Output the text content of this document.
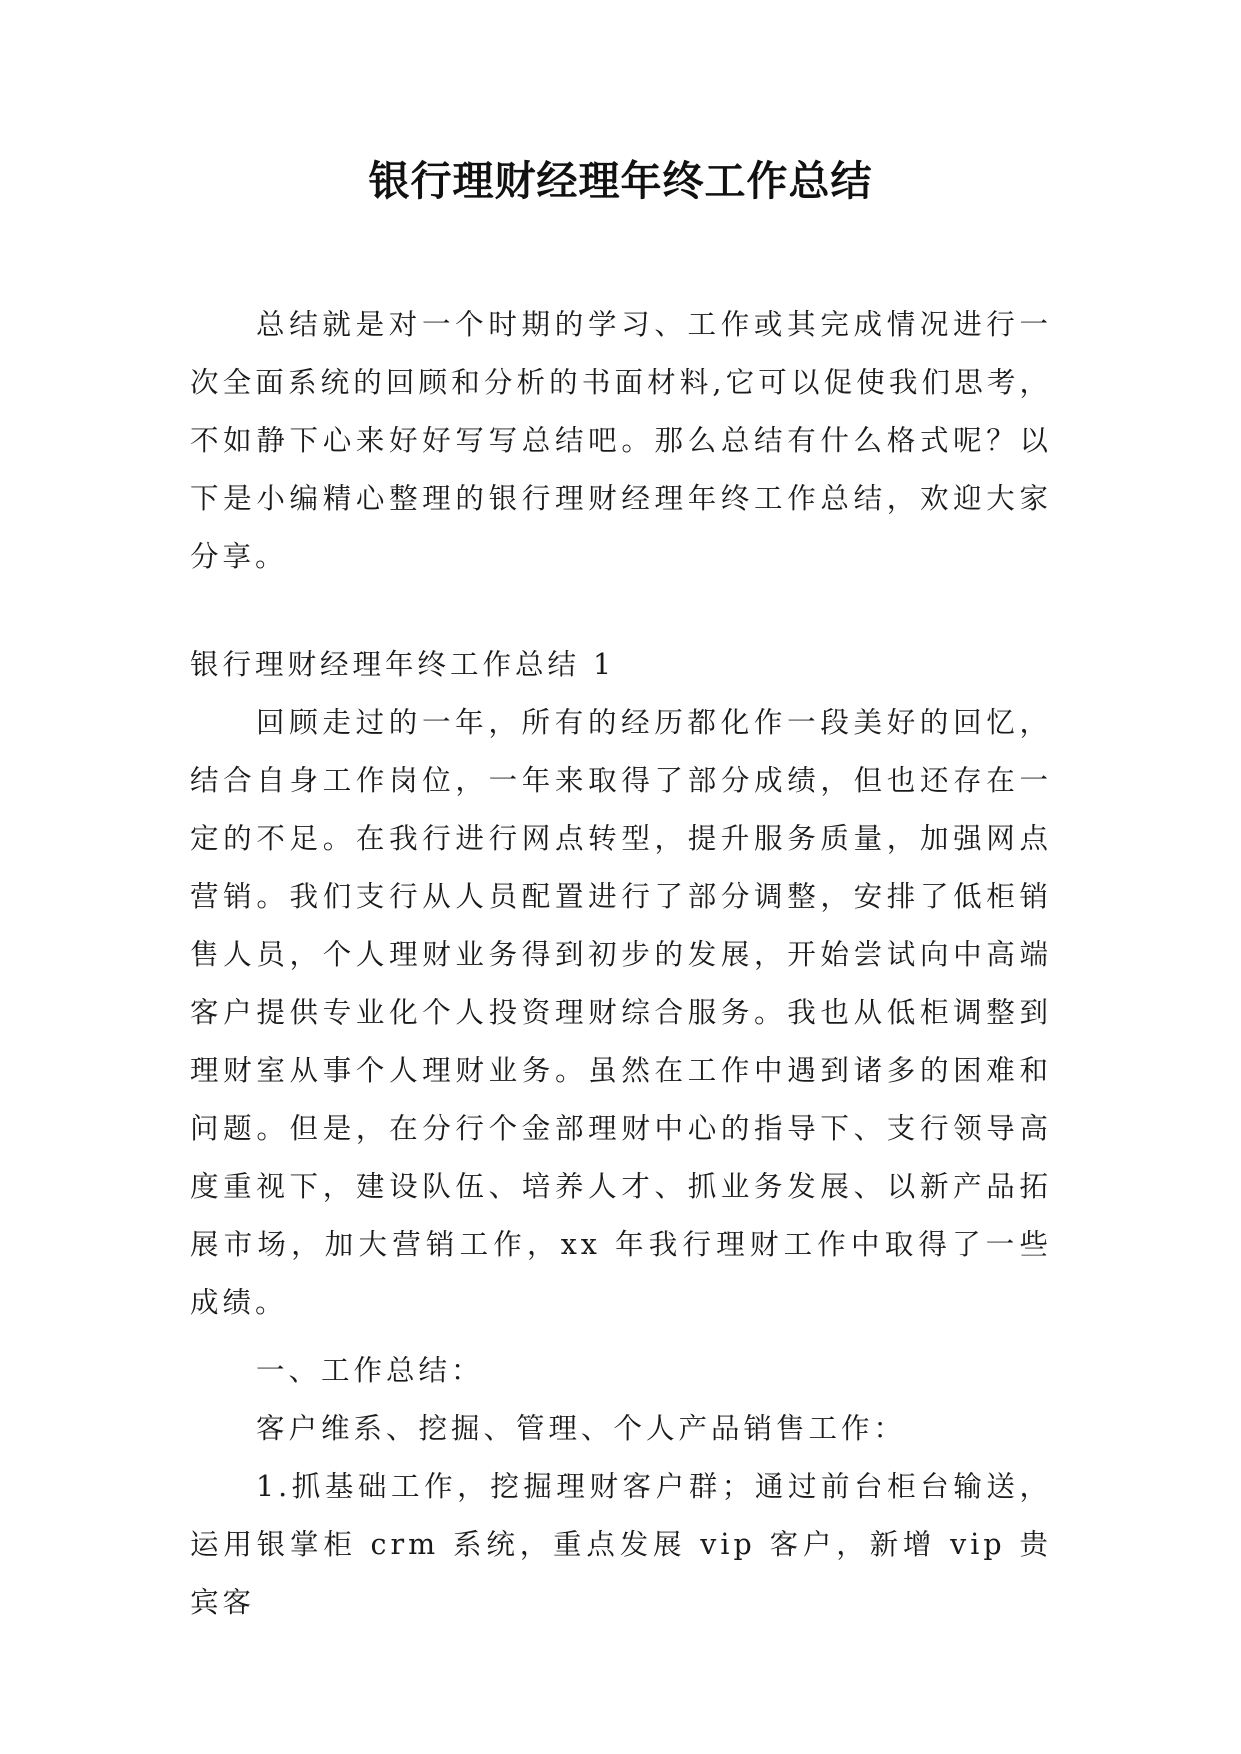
银行理财经理年终工作总结

总结就是对一个时期的学习、工作或其完成情况进行一次全面系统的回顾和分析的书面材料,它可以促使我们思考，不如静下心来好好写写总结吧。那么总结有什么格式呢？以下是小编精心整理的银行理财经理年终工作总结，欢迎大家分享。

银行理财经理年终工作总结 1

回顾走过的一年，所有的经历都化作一段美好的回忆，结合自身工作岗位，一年来取得了部分成绩，但也还存在一定的不足。在我行进行网点转型，提升服务质量，加强网点营销。我们支行从人员配置进行了部分调整，安排了低柜销售人员，个人理财业务得到初步的发展，开始尝试向中高端客户提供专业化个人投资理财综合服务。我也从低柜调整到理财室从事个人理财业务。虽然在工作中遇到诸多的困难和问题。但是，在分行个金部理财中心的指导下、支行领导高度重视下，建设队伍、培养人才、抓业务发展、以新产品拓展市场，加大营销工作，xx 年我行理财工作中取得了一些成绩。

一、工作总结：

客户维系、挖掘、管理、个人产品销售工作：

1.抓基础工作，挖掘理财客户群；通过前台柜台输送，运用银掌柜 crm 系统，重点发展 vip 客户，新增 vip 贵宾客
